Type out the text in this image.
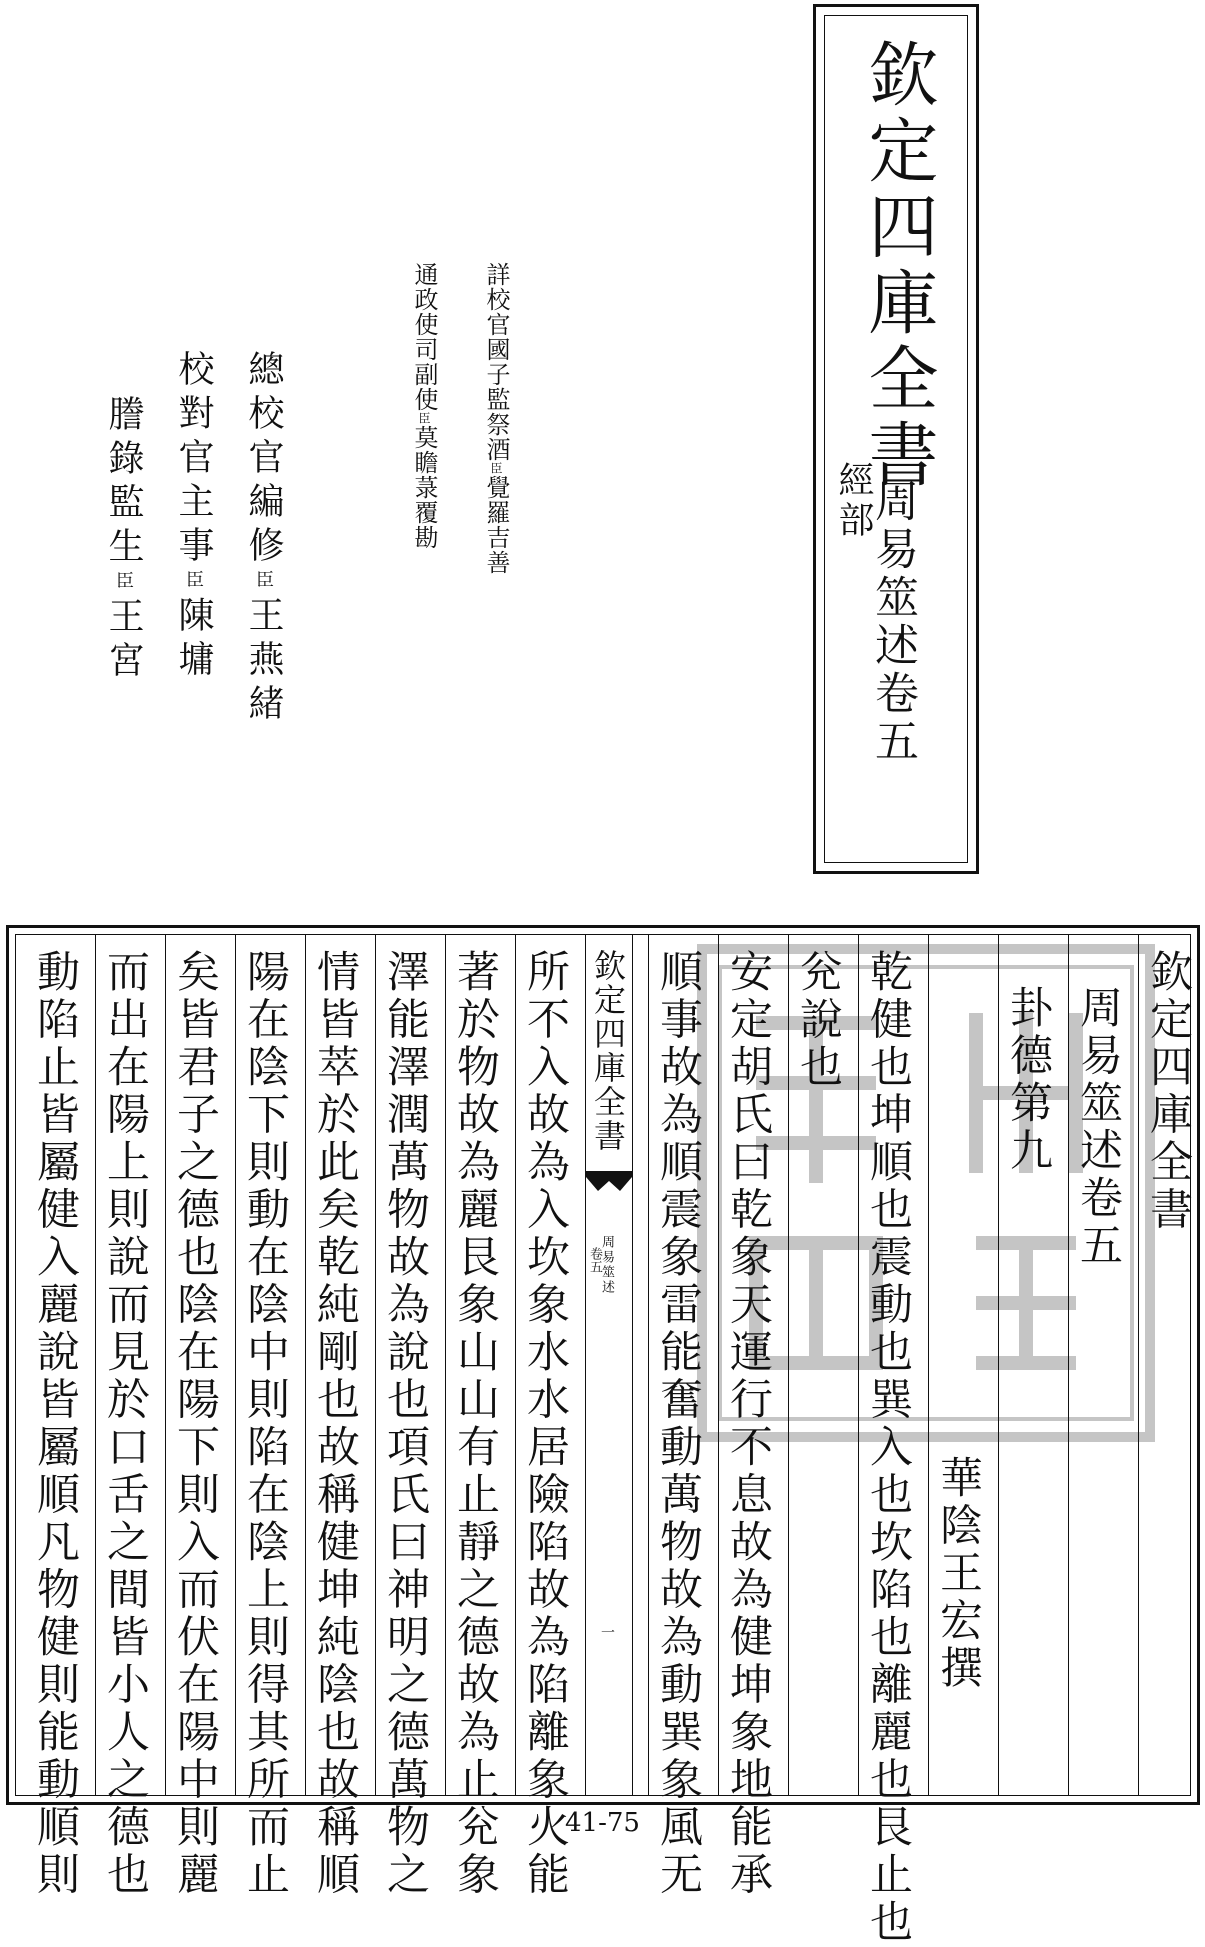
欽定四庫全書
周易筮述卷五
經部
詳校官國子監祭酒臣覺羅吉善
通政使司副使臣莫瞻菉覆勘
總校官編修臣王燕緒
校對官主事臣陳墉
謄錄監生臣王宮
欽定四庫全書
周易筮述卷五
卦德第九
華陰王宏撰
乾健也坤順也震動也巽入也坎陷也離麗也艮止也
兊說也
安定胡氏曰乾象天運行不息故為健坤象地能承
順事故為順震象雷能奮動萬物故為動巽象風无
欽定四庫全書
周易筮述
卷五
一
所不入故為入坎象水水居險陷故為陷離象火能
著於物故為麗艮象山山有止靜之德故為止兊象
澤能澤潤萬物故為說也項氏曰神明之德萬物之
情皆萃於此矣乾純剛也故稱健坤純陰也故稱順
陽在陰下則動在陰中則陷在陰上則得其所而止
矣皆君子之德也陰在陽下則入而伏在陽中則麗
而出在陽上則說而見於口舌之間皆小人之德也
動陷止皆屬健入麗說皆屬順凡物健則能動順則	41-75
